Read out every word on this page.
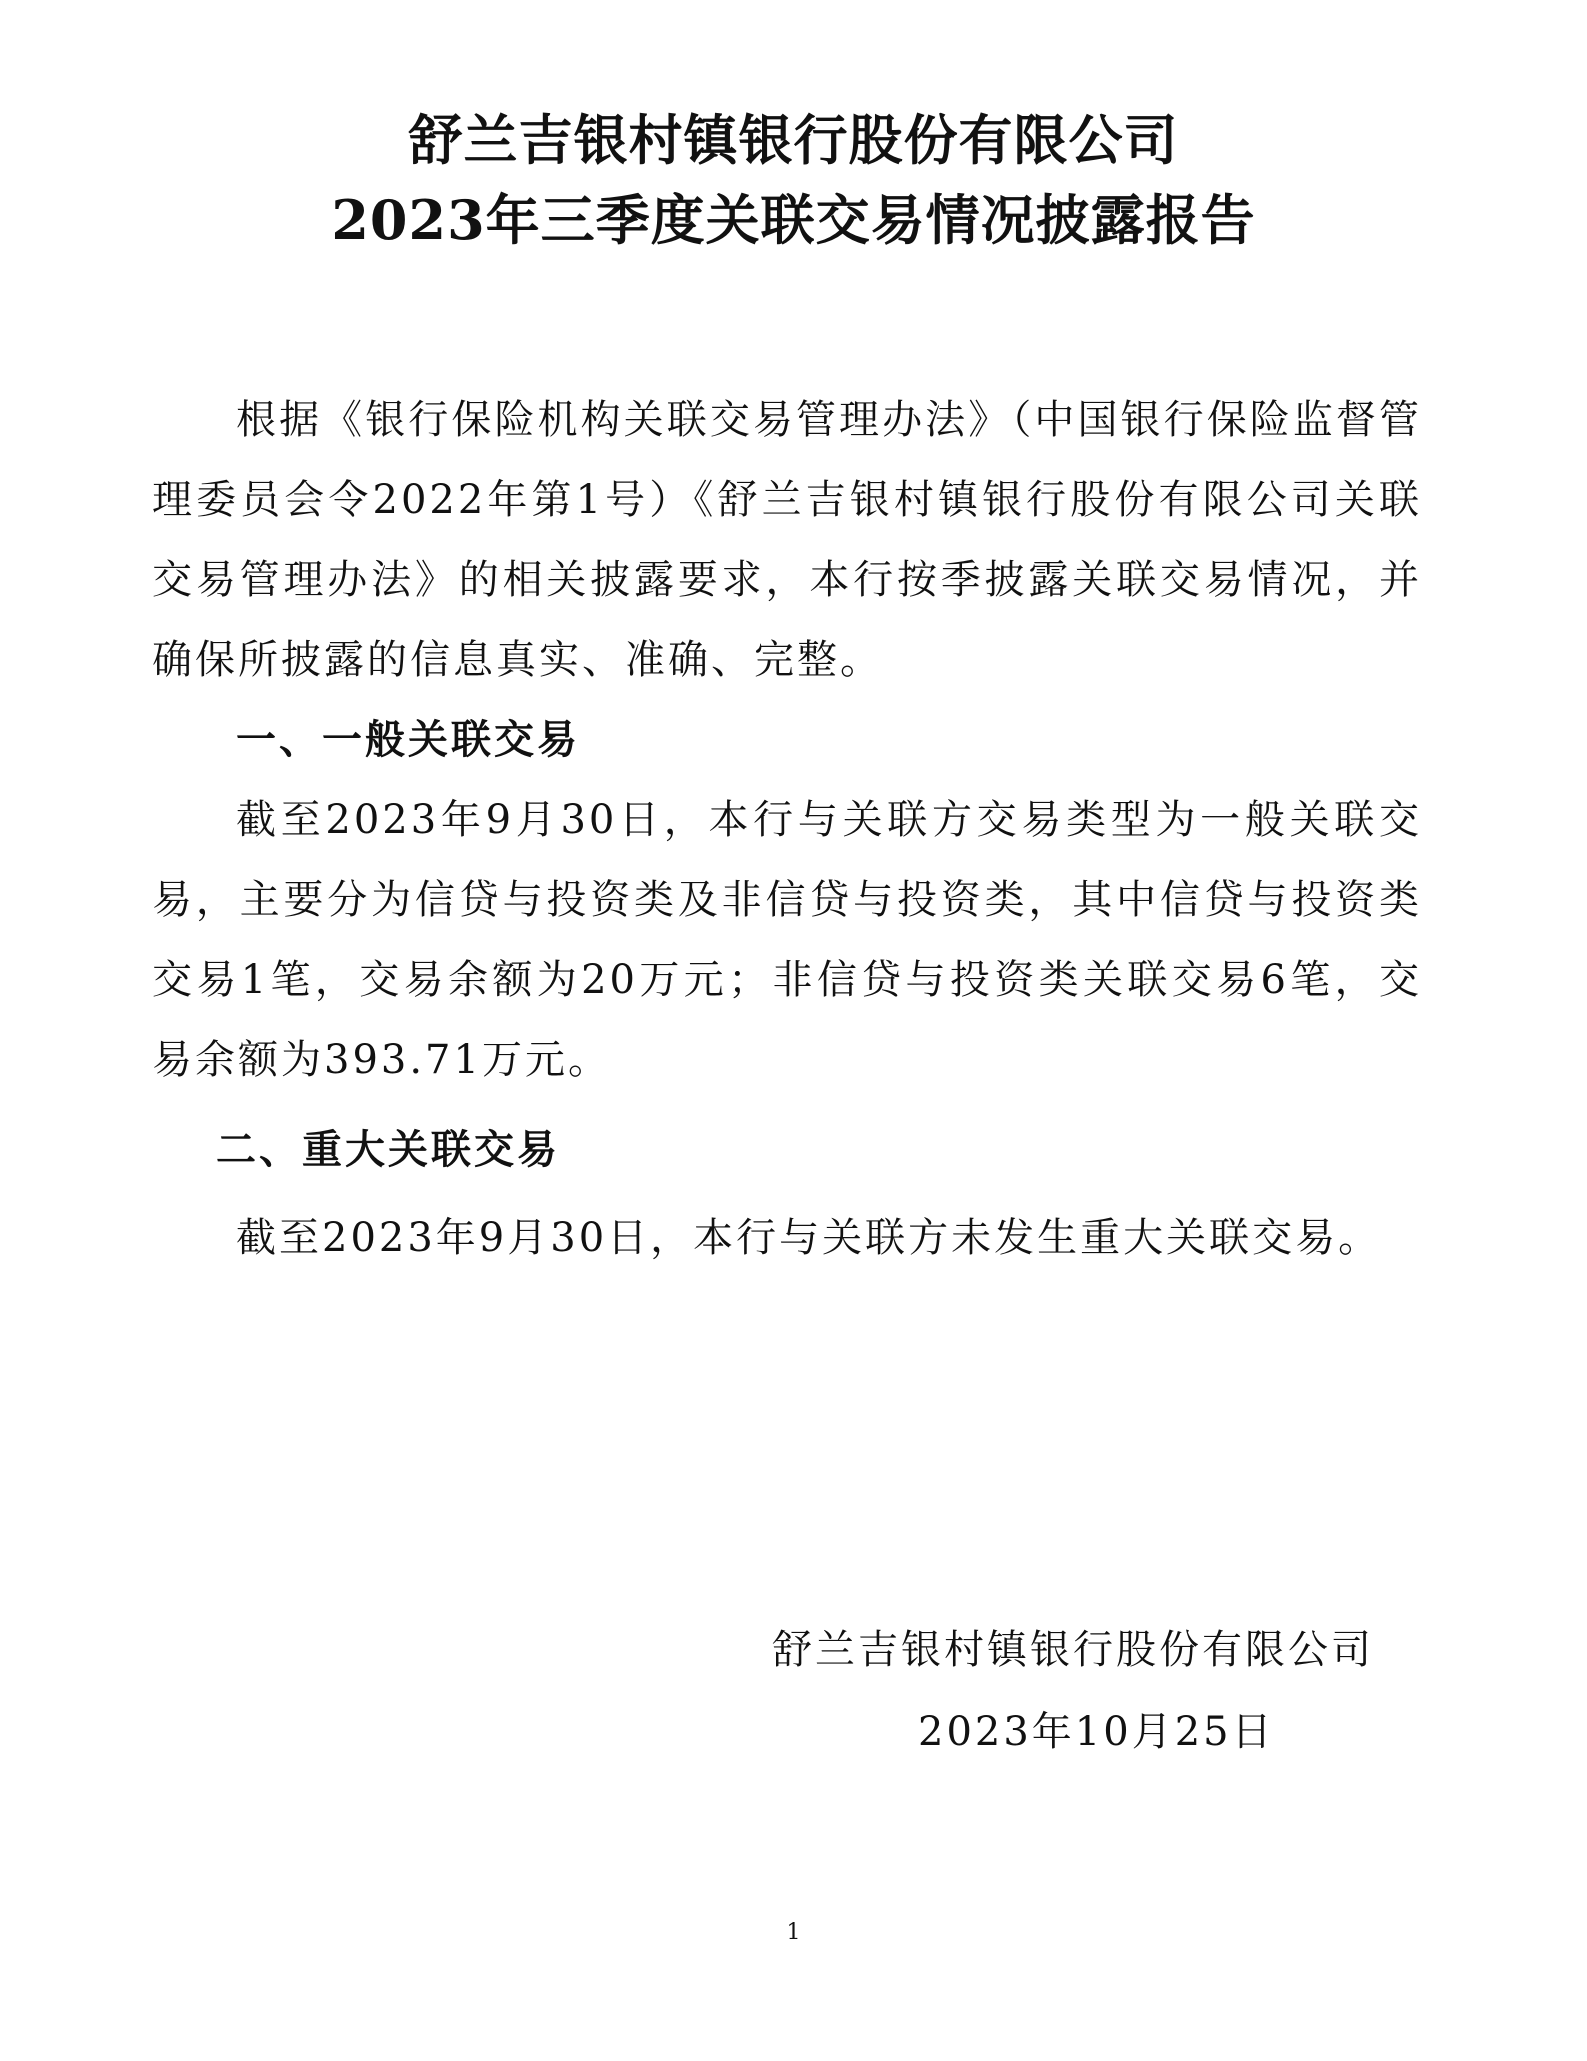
舒兰吉银村镇银行股份有限公司
2023年三季度关联交易情况披露报告
根据《银行保险机构关联交易管理办法》（中国银行保险监督管理委员会令2022年第1号）《舒兰吉银村镇银行股份有限公司关联交易管理办法》的相关披露要求，本行按季披露关联交易情况，并确保所披露的信息真实、准确、完整。
一、一般关联交易
截至2023年9月30日，本行与关联方交易类型为一般关联交易，主要分为信贷与投资类及非信贷与投资类，其中信贷与投资类交易1笔，交易余额为20万元；非信贷与投资类关联交易6笔，交易余额为393.71万元。
二、重大关联交易
截至2023年9月30日，本行与关联方未发生重大关联交易。
舒兰吉银村镇银行股份有限公司
2023年10月25日
1
